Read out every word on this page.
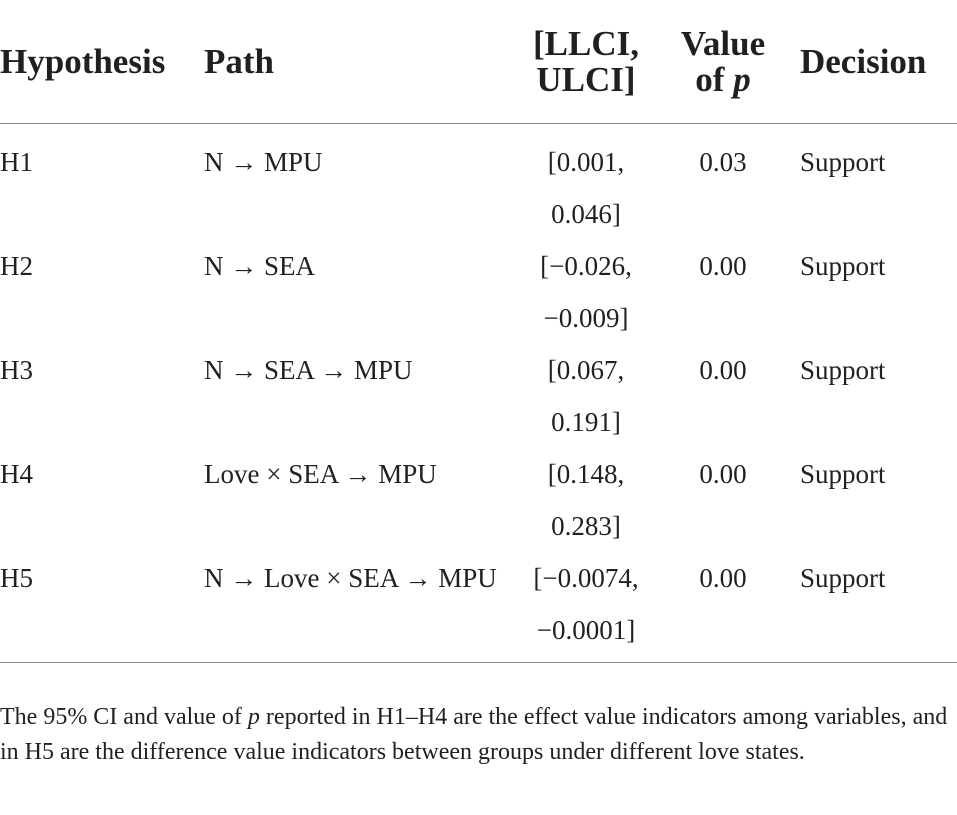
Hypothesis Path	[LLCI,
ULCI]
Value
of p	Decision
H1	N → MPU	[0.001,
0.046]
0.03	Support
H2	N → SEA	[−0.026,
−0.009]
0.00	Support
H3	N → SEA → MPU	[0.067,
0.191]
0.00	Support
H4	Love × SEA → MPU	[0.148,
0.283]
0.00	Support
H5	N → Love × SEA → MPU	[−0.0074,
−0.0001]
0.00	Support
The 95% CI and value of p reported in H1–H4 are the effect value indicators among variables, and in H5 are the difference value indicators between groups under different love states.
